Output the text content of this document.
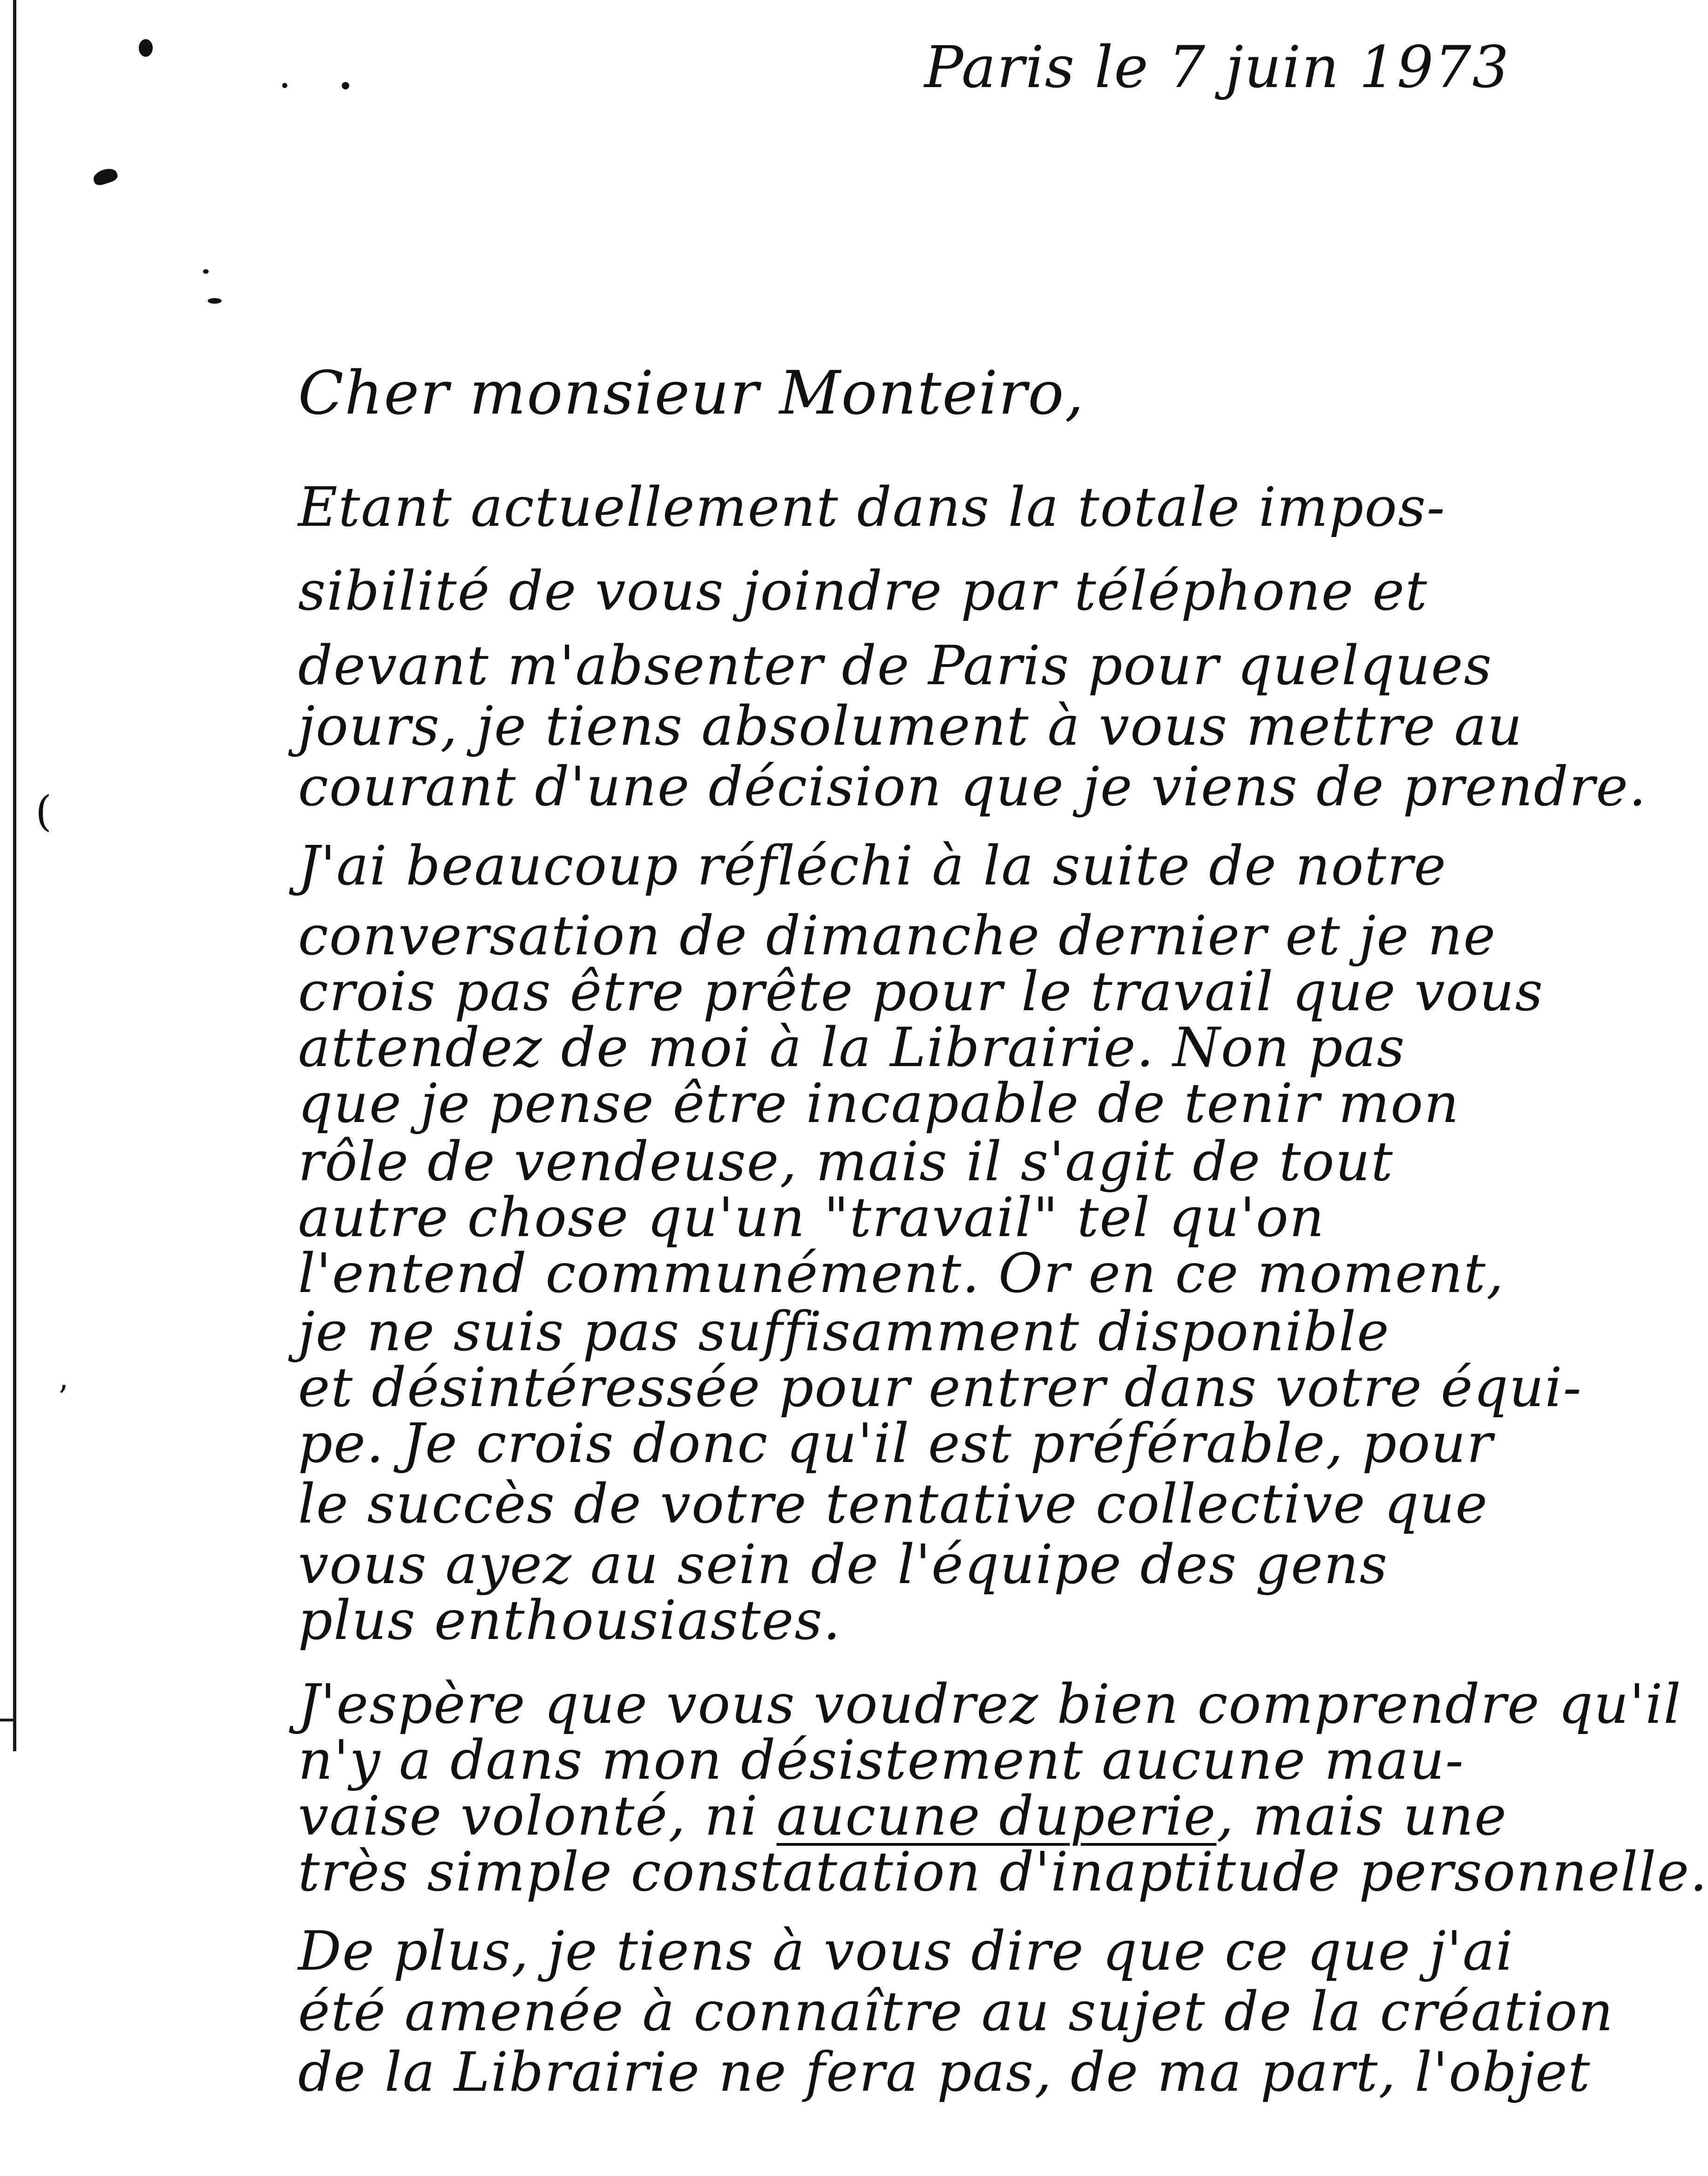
(
’
Paris le 7 juin 1973
Cher monsieur Monteiro,
Etant actuellement dans la totale impos-
sibilité de vous joindre par téléphone et
devant m'absenter de Paris pour quelques
jours, je tiens absolument à vous mettre au
courant d'une décision que je viens de prendre.
J'ai beaucoup réfléchi à la suite de notre
conversation de dimanche dernier et je ne
crois pas être prête pour le travail que vous
attendez de moi à la Librairie. Non pas
que je pense être incapable de tenir mon
rôle de vendeuse, mais il s'agit de tout
autre chose qu'un "travail" tel qu'on
l'entend communément. Or en ce moment,
je ne suis pas suffisamment disponible
et désintéressée pour entrer dans votre équi-
pe. Je crois donc qu'il est préférable, pour
le succès de votre tentative collective que
vous ayez au sein de l'équipe des gens
plus enthousiastes.
J'espère que vous voudrez bien comprendre qu'il
n'y a dans mon désistement aucune mau-
vaise volonté, ni aucune duperie, mais une
très simple constatation d'inaptitude personnelle.
De plus, je tiens à vous dire que ce que j'ai
été amenée à connaître au sujet de la création
de la Librairie ne fera pas, de ma part, l'objet
